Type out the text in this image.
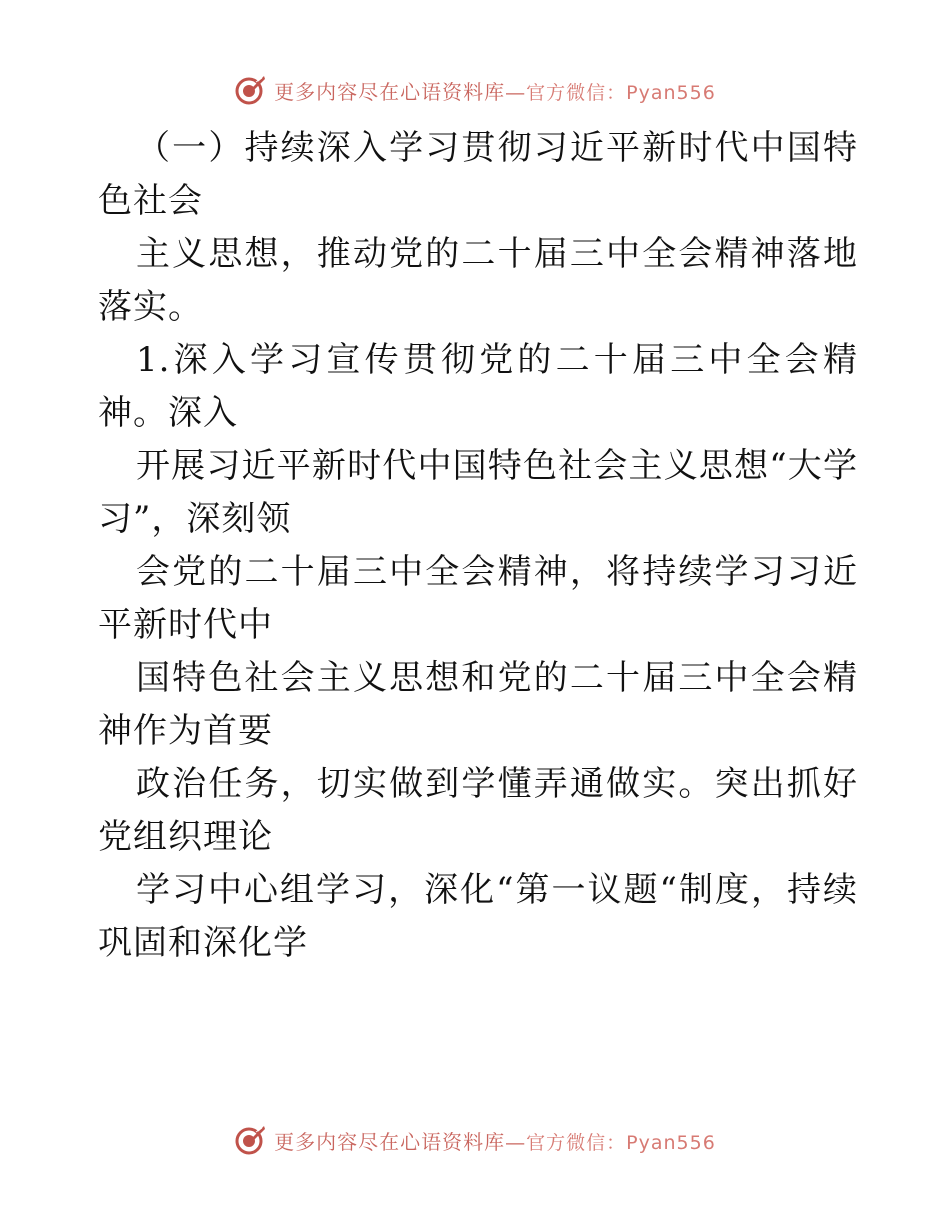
更多内容尽在心语资料库—官方微信：Pyan556

（一）持续深入学习贯彻习近平新时代中国特色社会

主义思想，推动党的二十届三中全会精神落地落实。

1.深入学习宣传贯彻党的二十届三中全会精神。深入

开展习近平新时代中国特色社会主义思想“大学习”，深刻领

会党的二十届三中全会精神，将持续学习习近平新时代中

国特色社会主义思想和党的二十届三中全会精神作为首要

政治任务，切实做到学懂弄通做实。突出抓好党组织理论

学习中心组学习，深化“第一议题“制度，持续巩固和深化学

更多内容尽在心语资料库—官方微信：Pyan556
